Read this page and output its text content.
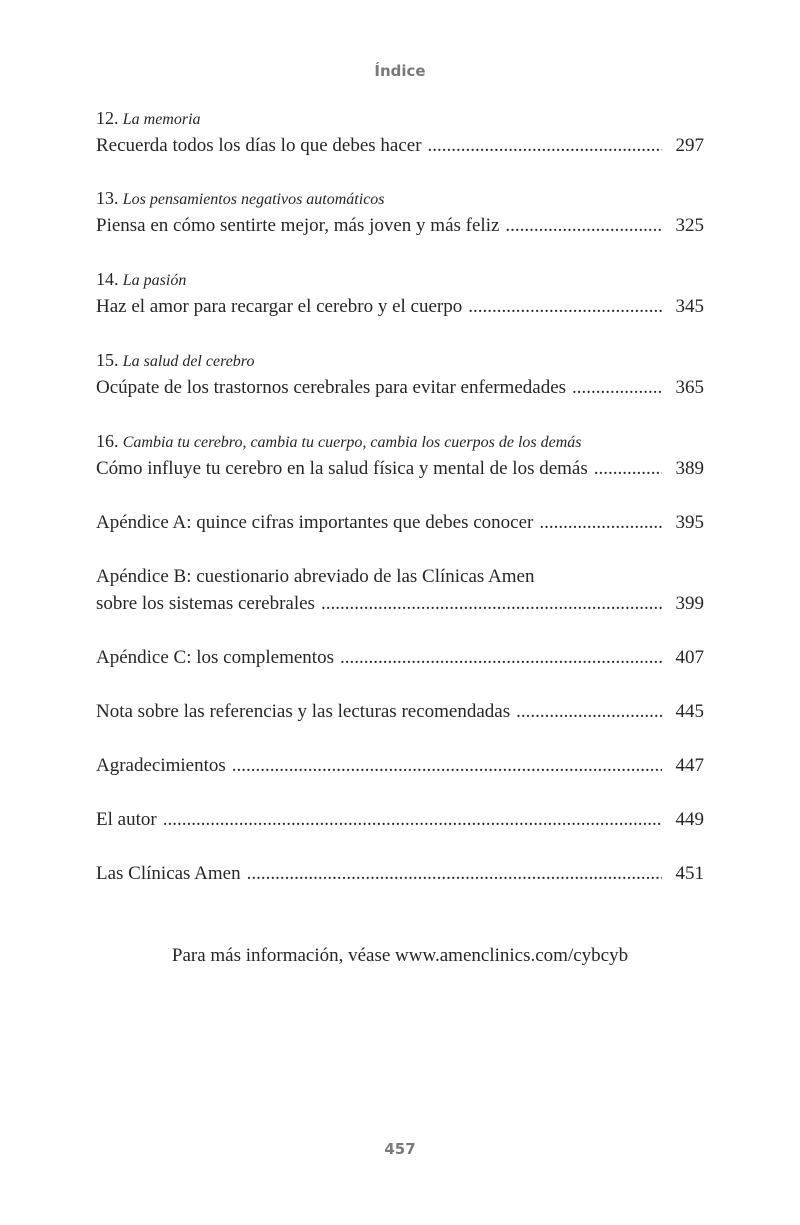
Índice
12.
La memoria
Recuerda todos los días lo que debes hacer .....	297
13.
Los pensamientos negativos automáticos
Piensa en cómo sentirte mejor, más joven y más feliz .....	325
14.
La pasión
Haz el amor para recargar el cerebro y el cuerpo .....	345
15.
La salud del cerebro
Ocúpate de los trastornos cerebrales para evitar enfermedades .....	365
16.
Cambia tu cerebro, cambia tu cuerpo, cambia los cuerpos de los demás
Cómo influye tu cerebro en la salud física y mental de los demás .....	389
Apéndice A: quince cifras importantes que debes conocer .....	395
Apéndice B: cuestionario abreviado de las Clínicas Amen
sobre los sistemas cerebrales .....	399
Apéndice C: los complementos .....	407
Nota sobre las referencias y las lecturas recomendadas .....	445
Agradecimientos .....	447
El autor .....	449
Las Clínicas Amen .....	451
Para más información, véase www.amenclinics.com/cybcyb
457
